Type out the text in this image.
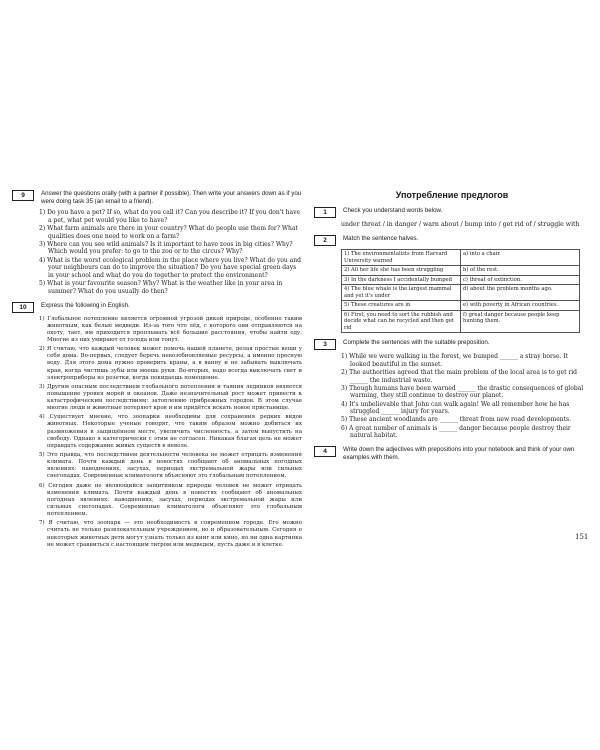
9	Answer the questions orally (with a partner if possible). Then write your answers down as if you were doing task 35 (an email to a friend).
1) Do you have a pet? If so, what do you call it? Can you describe it? If you don't have a pet, what pet would you like to have?
2) What farm animals are there in your country? What do people use them for? What qualities does one need to work on a farm?
3) Where can you see wild animals? Is it important to have zoos in big cities? Why? Which would you prefer: to go to the zoo or to the circus? Why?
4) What is the worst ecological problem in the place where you live? What do you and your neighbours can do to improve the situation? Do you have special green days in your school and what do you do together to protect the environment?
5) What is your favourite season? Why? What is the weather like in your area in summer? What do you usually do then?
10	Express the following in English.
1) Глобальное потепление является огромной угрозой дикой природе, особенно таким животным, как белые медведи. Из-за того что лёд, с которого они отправляются на охоту, тает, им приходится проплывать всё большие расстояния, чтобы найти еду. Многие из них умирают от голода или тонут.
2) Я считаю, что каждый человек может помочь нашей планете, делая простые вещи у себя дома. Во-первых, следует беречь невозобновляемые ресурсы, а именно пресную воду. Для этого дома нужно проверить краны, а в ванну и не забывать выключать кран, когда чистишь зубы или моешь руки. Во-вторых, надо всегда выключать свет и электроприборы из розетки, когда покидаешь помещение.
3) Другим опасным последствием глобального потепления и таяния ледников является повышение уровня морей и океанов. Даже незначительный рост может привести к катастрофическим последствиям: затоплению прибрежных городов. В этом случае многие люди и животные потеряют кров и им придётся искать новое пристанище.
4) Существует мнение, что зоопарки необходимы для сохранения редких видов животных. Некоторые ученые говорят, что таким образом можно добиться их размножения в защищённом месте, увеличить численность, а затем выпустить на свободу. Однако я категорически с этим не согласен. Никакая благая цель не может оправдать содержание живых существ в неволе.
5) Это правда, что последствием деятельности человека не может отрицать изменения климата. Почти каждый день в новостях сообщают об аномальных погодных явлениях: наводнениях, засухах, периодах экстремальной жары или сильных снегопадах. Современные климатологи объясняют это глобальным потеплением.
6) Сегодня даже не являющийся защитником природы человек не может отрицать изменения климата. Почти каждый день в новостях сообщают об аномальных погодных явлениях: наводнениях, засухах, периодах экстремальной жары или сильных снегопадах. Современные климатологи объясняют это глобальным потеплением.
7) Я считаю, что зоопарк — это необходимость в современном городе. Его можно считать не только развлекательным учреждением, но и образовательным. Сегодня о некоторых животных дети могут узнать только из книг или кино, но ни одна картинка не может сравниться с настоящим тигром или медведем, пусть даже и в клетке.
Употребление предлогов
1	Check you understand words below.
under threat / in danger / warn about / bump into / get rid of / struggle with
2	Match the sentence halves.
1) The environmentalists from Harvard University warned	a) into a chair.
2) All her life she has been struggling	b) of the rest.
3) In the darkness I accidentally bumped	c) threat of extinction.
4) The blue whale is the largest mammal and yet it's under	d) about the problem months ago.
5) These creatures are in	e) with poverty in African countries.
6) First, you need to sort the rubbish and decide what can be recycled and then get rid	f) great danger because people keep hunting them.
3	Complete the sentences with the suitable preposition.
1) While we were walking in the forest, we bumped ______ a stray horse. It looked beautiful in the sunset.
2) The authorities agreed that the main problem of the local area is to get rid ______ the industrial waste.
3) Though humans have been warned ______ the drastic consequences of global warming, they still continue to destroy our planet.
4) It's unbelievable that John can walk again! We all remember how he has struggled ______ injury for years.
5) These ancient woodlands are ______ threat from new road developments.
6) A great number of animals is ______ danger because people destroy their natural habitat.
4	Write down the adjectives with prepositions into your notebook and think of your own examples with them.
151
